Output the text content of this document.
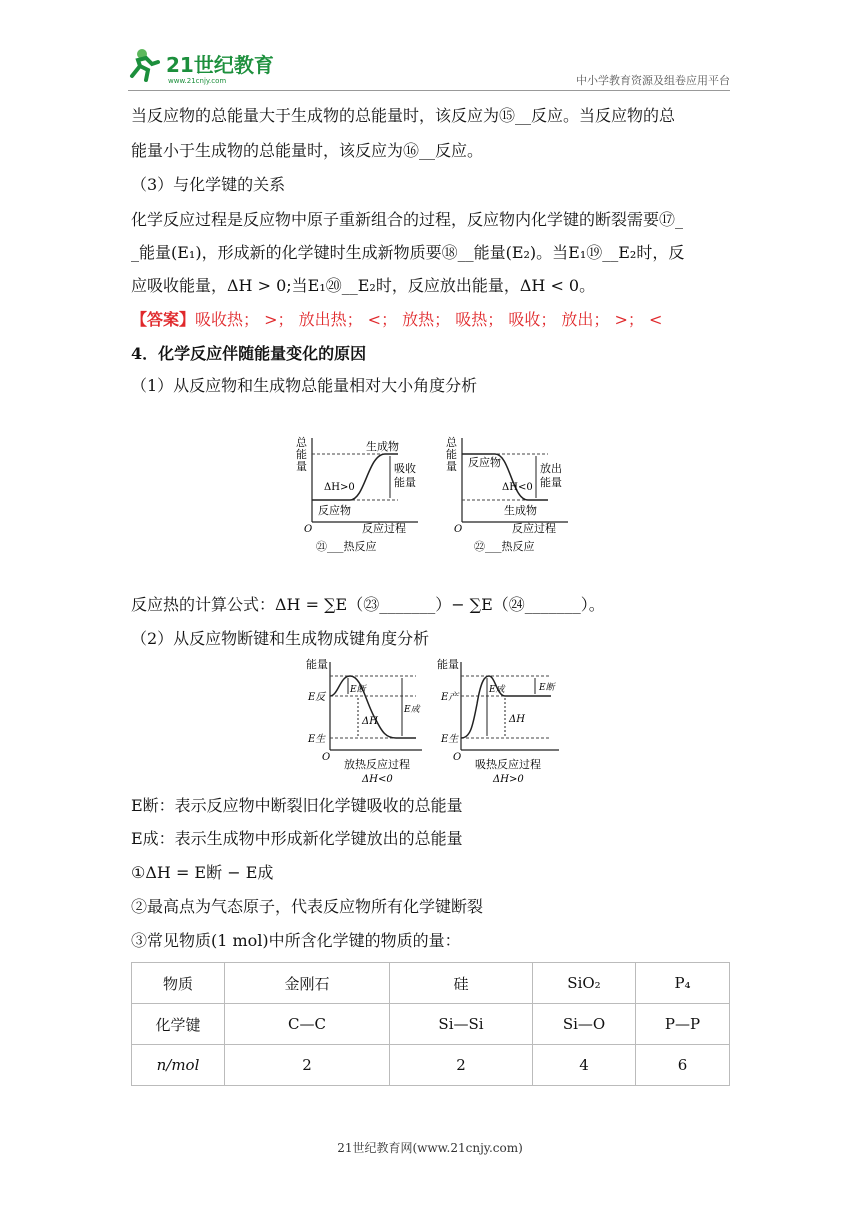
21世纪教育
www.21cnjy.com	中小学教育资源及组卷应用平台
当反应物的总能量大于生成物的总能量时，该反应为⑮__反应。当反应物的总
能量小于生成物的总能量时，该反应为⑯__反应。
（3）与化学键的关系
化学反应过程是反应物中原子重新组合的过程，反应物内化学键的断裂需要⑰_
_能量(E₁)，形成新的化学键时生成新物质要⑱__能量(E₂)。当E₁⑲__E₂时，反
应吸收能量，ΔH > 0;当E₁⑳__E₂时，反应放出能量，ΔH < 0。
【答案】吸收热； >； 放出热； <； 放热； 吸热； 吸收； 放出； >； <
4．化学反应伴随能量变化的原因
（1）从反应物和生成物总能量相对大小角度分析
总
能
量
生成物
吸收
能量
ΔH>0
反应物
O	反应过程
㉑___热反应
总
能
量 反应物	放出
能量
ΔH<0
生成物
O	反应过程
㉒___热反应
反应热的计算公式：ΔH = ∑E（㉓_______）− ∑E（㉔_______）。
（2）从反应物断键和生成物成键角度分析
能量
E反
E生
E断
E成
ΔH
O
放热反应过程
ΔH<0
能量
E产
E生
E成	E断
ΔH
O
吸热反应过程
ΔH>0
E断：表示反应物中断裂旧化学键吸收的总能量
E成：表示生成物中形成新化学键放出的总能量
①ΔH = E断 − E成
②最高点为气态原子，代表反应物所有化学键断裂
③常见物质(1 mol)中所含化学键的物质的量：
物质	金刚石	硅	SiO₂	P₄
化学键	C—C	Si—Si	Si—O	P—P
n/mol	2	2	4	6
21世纪教育网(www.21cnjy.com)
